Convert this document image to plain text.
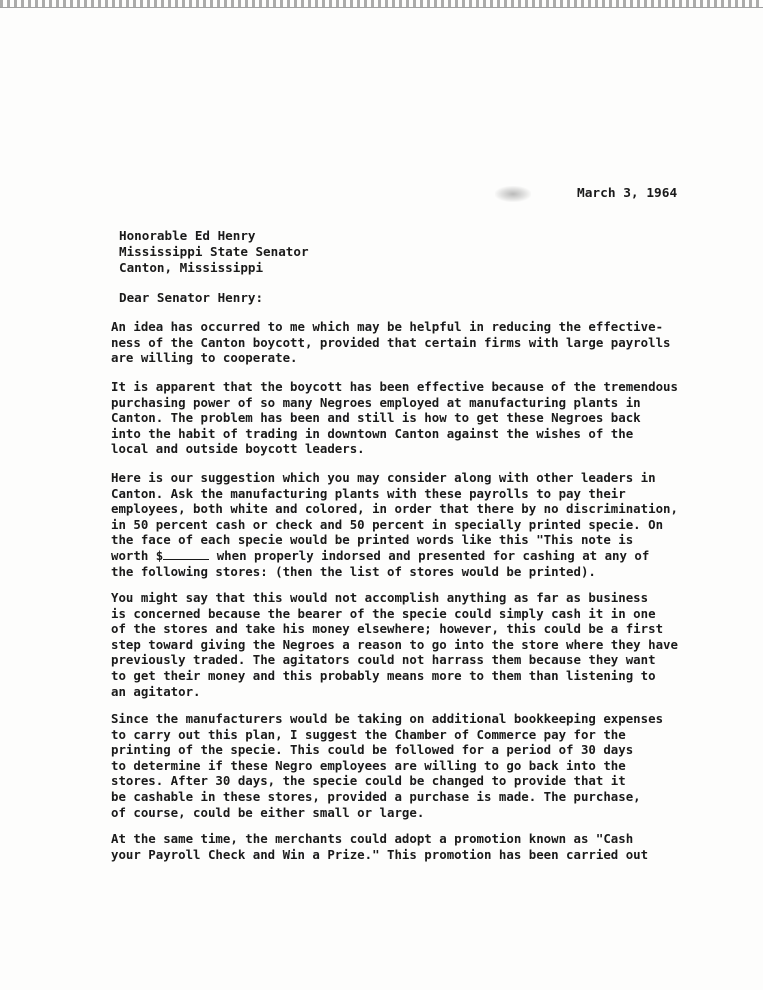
March 3, 1964
Honorable Ed Henry
Mississippi State Senator
Canton, Mississippi
Dear Senator Henry:
An idea has occurred to me which may be helpful in reducing the effective-
ness of the Canton boycott, provided that certain firms with large payrolls
are willing to cooperate.
It is apparent that the boycott has been effective because of the tremendous
purchasing power of so many Negroes employed at manufacturing plants in
Canton. The problem has been and still is how to get these Negroes back
into the habit of trading in downtown Canton against the wishes of the
local and outside boycott leaders.
Here is our suggestion which you may consider along with other leaders in
Canton. Ask the manufacturing plants with these payrolls to pay their
employees, both white and colored, in order that there by no discrimination,
in 50 percent cash or check and 50 percent in specially printed specie. On
the face of each specie would be printed words like this "This note is
worth $	when properly indorsed and presented for cashing at any of
the following stores: (then the list of stores would be printed).
You might say that this would not accomplish anything as far as business
is concerned because the bearer of the specie could simply cash it in one
of the stores and take his money elsewhere; however, this could be a first
step toward giving the Negroes a reason to go into the store where they have
previously traded. The agitators could not harrass them because they want
to get their money and this probably means more to them than listening to
an agitator.
Since the manufacturers would be taking on additional bookkeeping expenses
to carry out this plan, I suggest the Chamber of Commerce pay for the
printing of the specie. This could be followed for a period of 30 days
to determine if these Negro employees are willing to go back into the
stores. After 30 days, the specie could be changed to provide that it
be cashable in these stores, provided a purchase is made. The purchase,
of course, could be either small or large.
At the same time, the merchants could adopt a promotion known as "Cash
your Payroll Check and Win a Prize." This promotion has been carried out
